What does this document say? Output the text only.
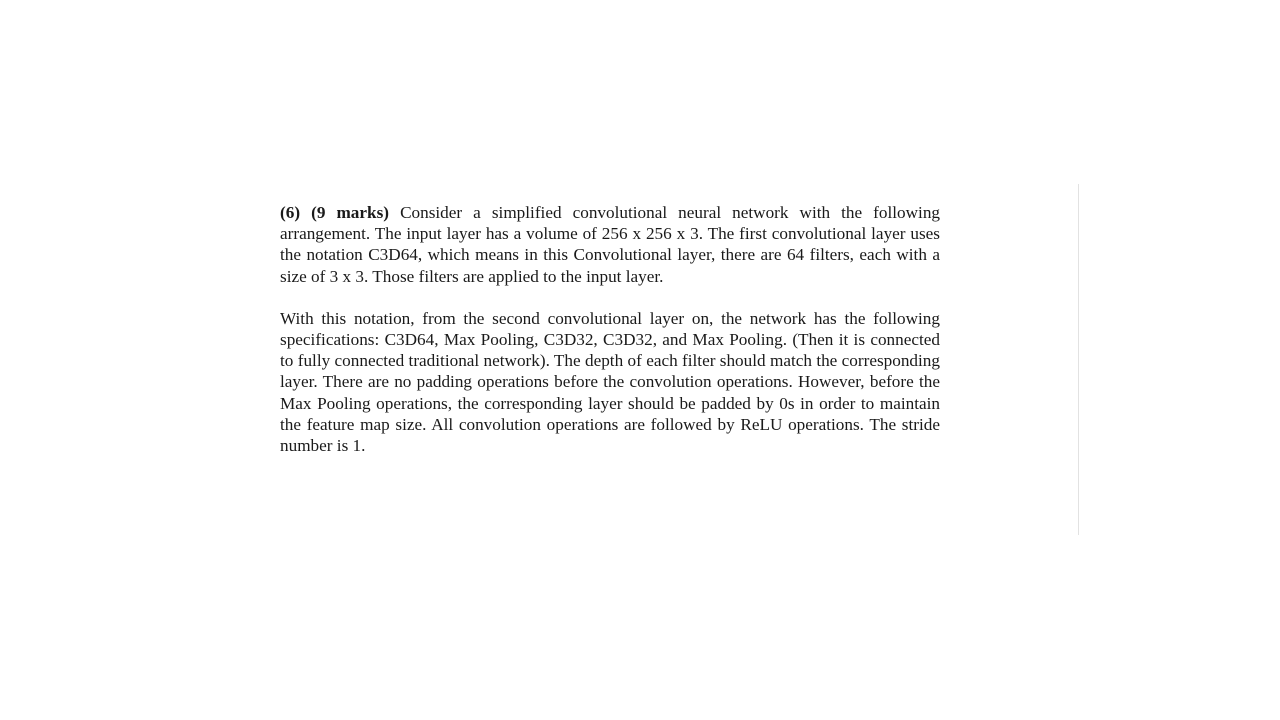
(6) (9 marks) Consider a simplified convolutional neural network with the following arrangement. The input layer has a volume of 256 x 256 x 3. The first convolutional layer uses the notation C3D64, which means in this Convolutional layer, there are 64 filters, each with a size of 3 x 3. Those filters are applied to the input layer.

With this notation, from the second convolutional layer on, the network has the following specifications: C3D64, Max Pooling, C3D32, C3D32, and Max Pooling. (Then it is connected to fully connected traditional network). The depth of each filter should match the corresponding layer. There are no padding operations before the convolution operations. However, before the Max Pooling operations, the corresponding layer should be padded by 0s in order to maintain the feature map size. All convolution operations are followed by ReLU operations. The stride number is 1.
